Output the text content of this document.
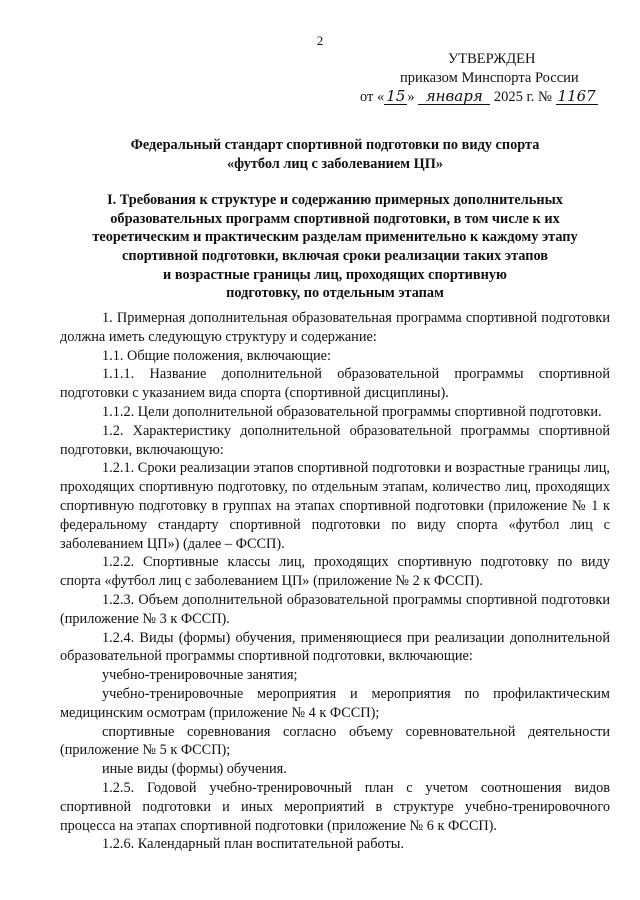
2
УТВЕРЖДЕН
приказом Минспорта России
от « 15 » января 2025 г. № 1167
Федеральный стандарт спортивной подготовки по виду спорта
«футбол лиц с заболеванием ЦП»
I. Требования к структуре и содержанию примерных дополнительных
образовательных программ спортивной подготовки, в том числе к их
теоретическим и практическим разделам применительно к каждому этапу
спортивной подготовки, включая сроки реализации таких этапов
и возрастные границы лиц, проходящих спортивную
подготовку, по отдельным этапам

1. Примерная дополнительная образовательная программа спортивной подготовки должна иметь следующую структуру и содержание:

1.1. Общие положения, включающие:

1.1.1. Название дополнительной образовательной программы спортивной подготовки с указанием вида спорта (спортивной дисциплины).

1.1.2. Цели дополнительной образовательной программы спортивной подготовки.

1.2. Характеристику дополнительной образовательной программы спортивной подготовки, включающую:

1.2.1. Сроки реализации этапов спортивной подготовки и возрастные границы лиц, проходящих спортивную подготовку, по отдельным этапам, количество лиц, проходящих спортивную подготовку в группах на этапах спортивной подготовки (приложение № 1 к федеральному стандарту спортивной подготовки по виду спорта «футбол лиц с заболеванием ЦП») (далее – ФССП).

1.2.2. Спортивные классы лиц, проходящих спортивную подготовку по виду спорта «футбол лиц с заболеванием ЦП» (приложение № 2 к ФССП).

1.2.3. Объем дополнительной образовательной программы спортивной подготовки (приложение № 3 к ФССП).

1.2.4. Виды (формы) обучения, применяющиеся при реализации дополнительной образовательной программы спортивной подготовки, включающие:

учебно-тренировочные занятия;

учебно-тренировочные мероприятия и мероприятия по профилактическим медицинским осмотрам (приложение № 4 к ФССП);

спортивные соревнования согласно объему соревновательной деятельности (приложение № 5 к ФССП);

иные виды (формы) обучения.

1.2.5. Годовой учебно-тренировочный план с учетом соотношения видов спортивной подготовки и иных мероприятий в структуре учебно-тренировочного процесса на этапах спортивной подготовки (приложение № 6 к ФССП).

1.2.6. Календарный план воспитательной работы.
